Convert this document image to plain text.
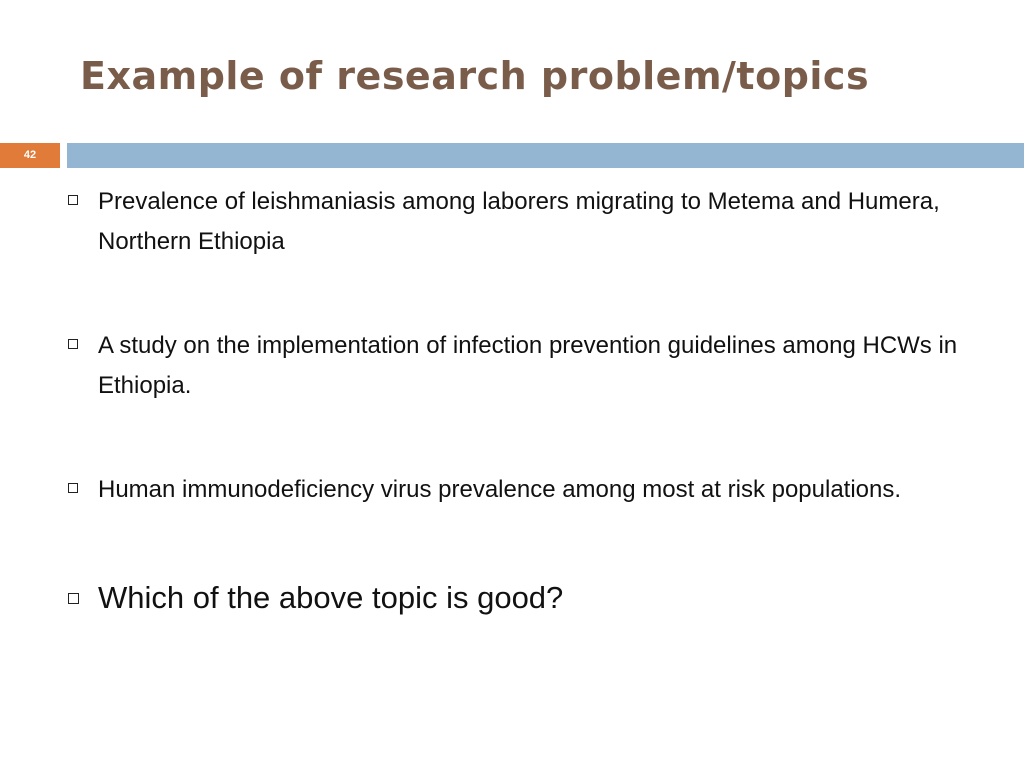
Example of research problem/topics
42
Prevalence of leishmaniasis among laborers migrating to Metema and Humera, Northern Ethiopia
A study on the implementation of infection prevention guidelines among HCWs in Ethiopia.
Human immunodeficiency virus prevalence among most at risk populations.
Which of the above topic is good?
